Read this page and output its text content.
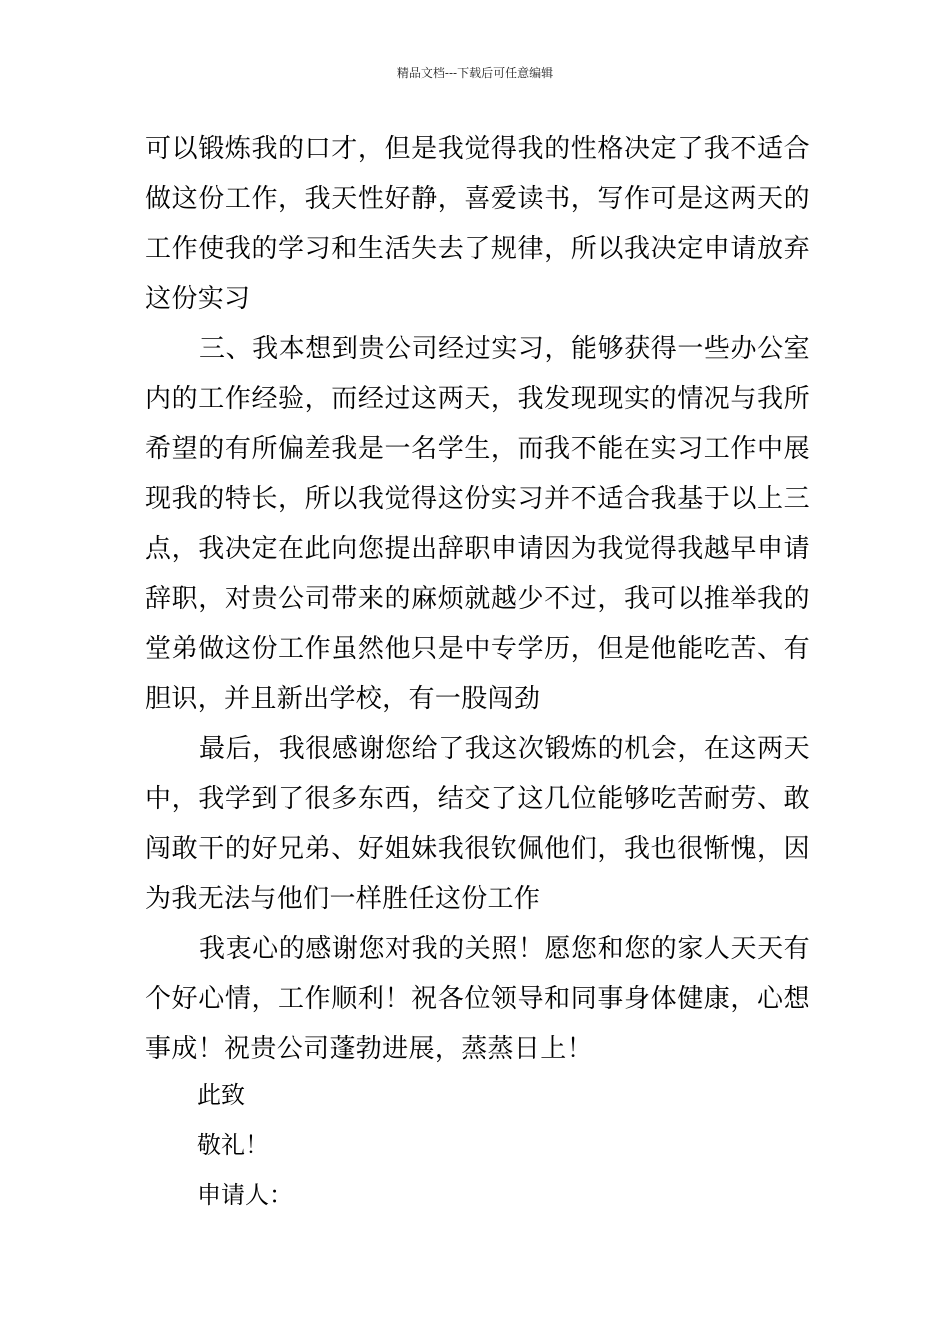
精品文档---下载后可任意编辑

可以锻炼我的口才，但是我觉得我的性格决定了我不适合做这份工作，我天性好静，喜爱读书，写作可是这两天的工作使我的学习和生活失去了规律，所以我决定申请放弃这份实习

三、我本想到贵公司经过实习，能够获得一些办公室内的工作经验，而经过这两天，我发现现实的情况与我所希望的有所偏差我是一名学生，而我不能在实习工作中展现我的特长，所以我觉得这份实习并不适合我基于以上三点，我决定在此向您提出辞职申请因为我觉得我越早申请辞职，对贵公司带来的麻烦就越少不过，我可以推举我的堂弟做这份工作虽然他只是中专学历，但是他能吃苦、有胆识，并且新出学校，有一股闯劲

最后，我很感谢您给了我这次锻炼的机会，在这两天中，我学到了很多东西，结交了这几位能够吃苦耐劳、敢闯敢干的好兄弟、好姐妹我很钦佩他们，我也很惭愧，因为我无法与他们一样胜任这份工作

我衷心的感谢您对我的关照！愿您和您的家人天天有个好心情，工作顺利！祝各位领导和同事身体健康，心想事成！祝贵公司蓬勃进展，蒸蒸日上！

此致

敬礼！

申请人：
